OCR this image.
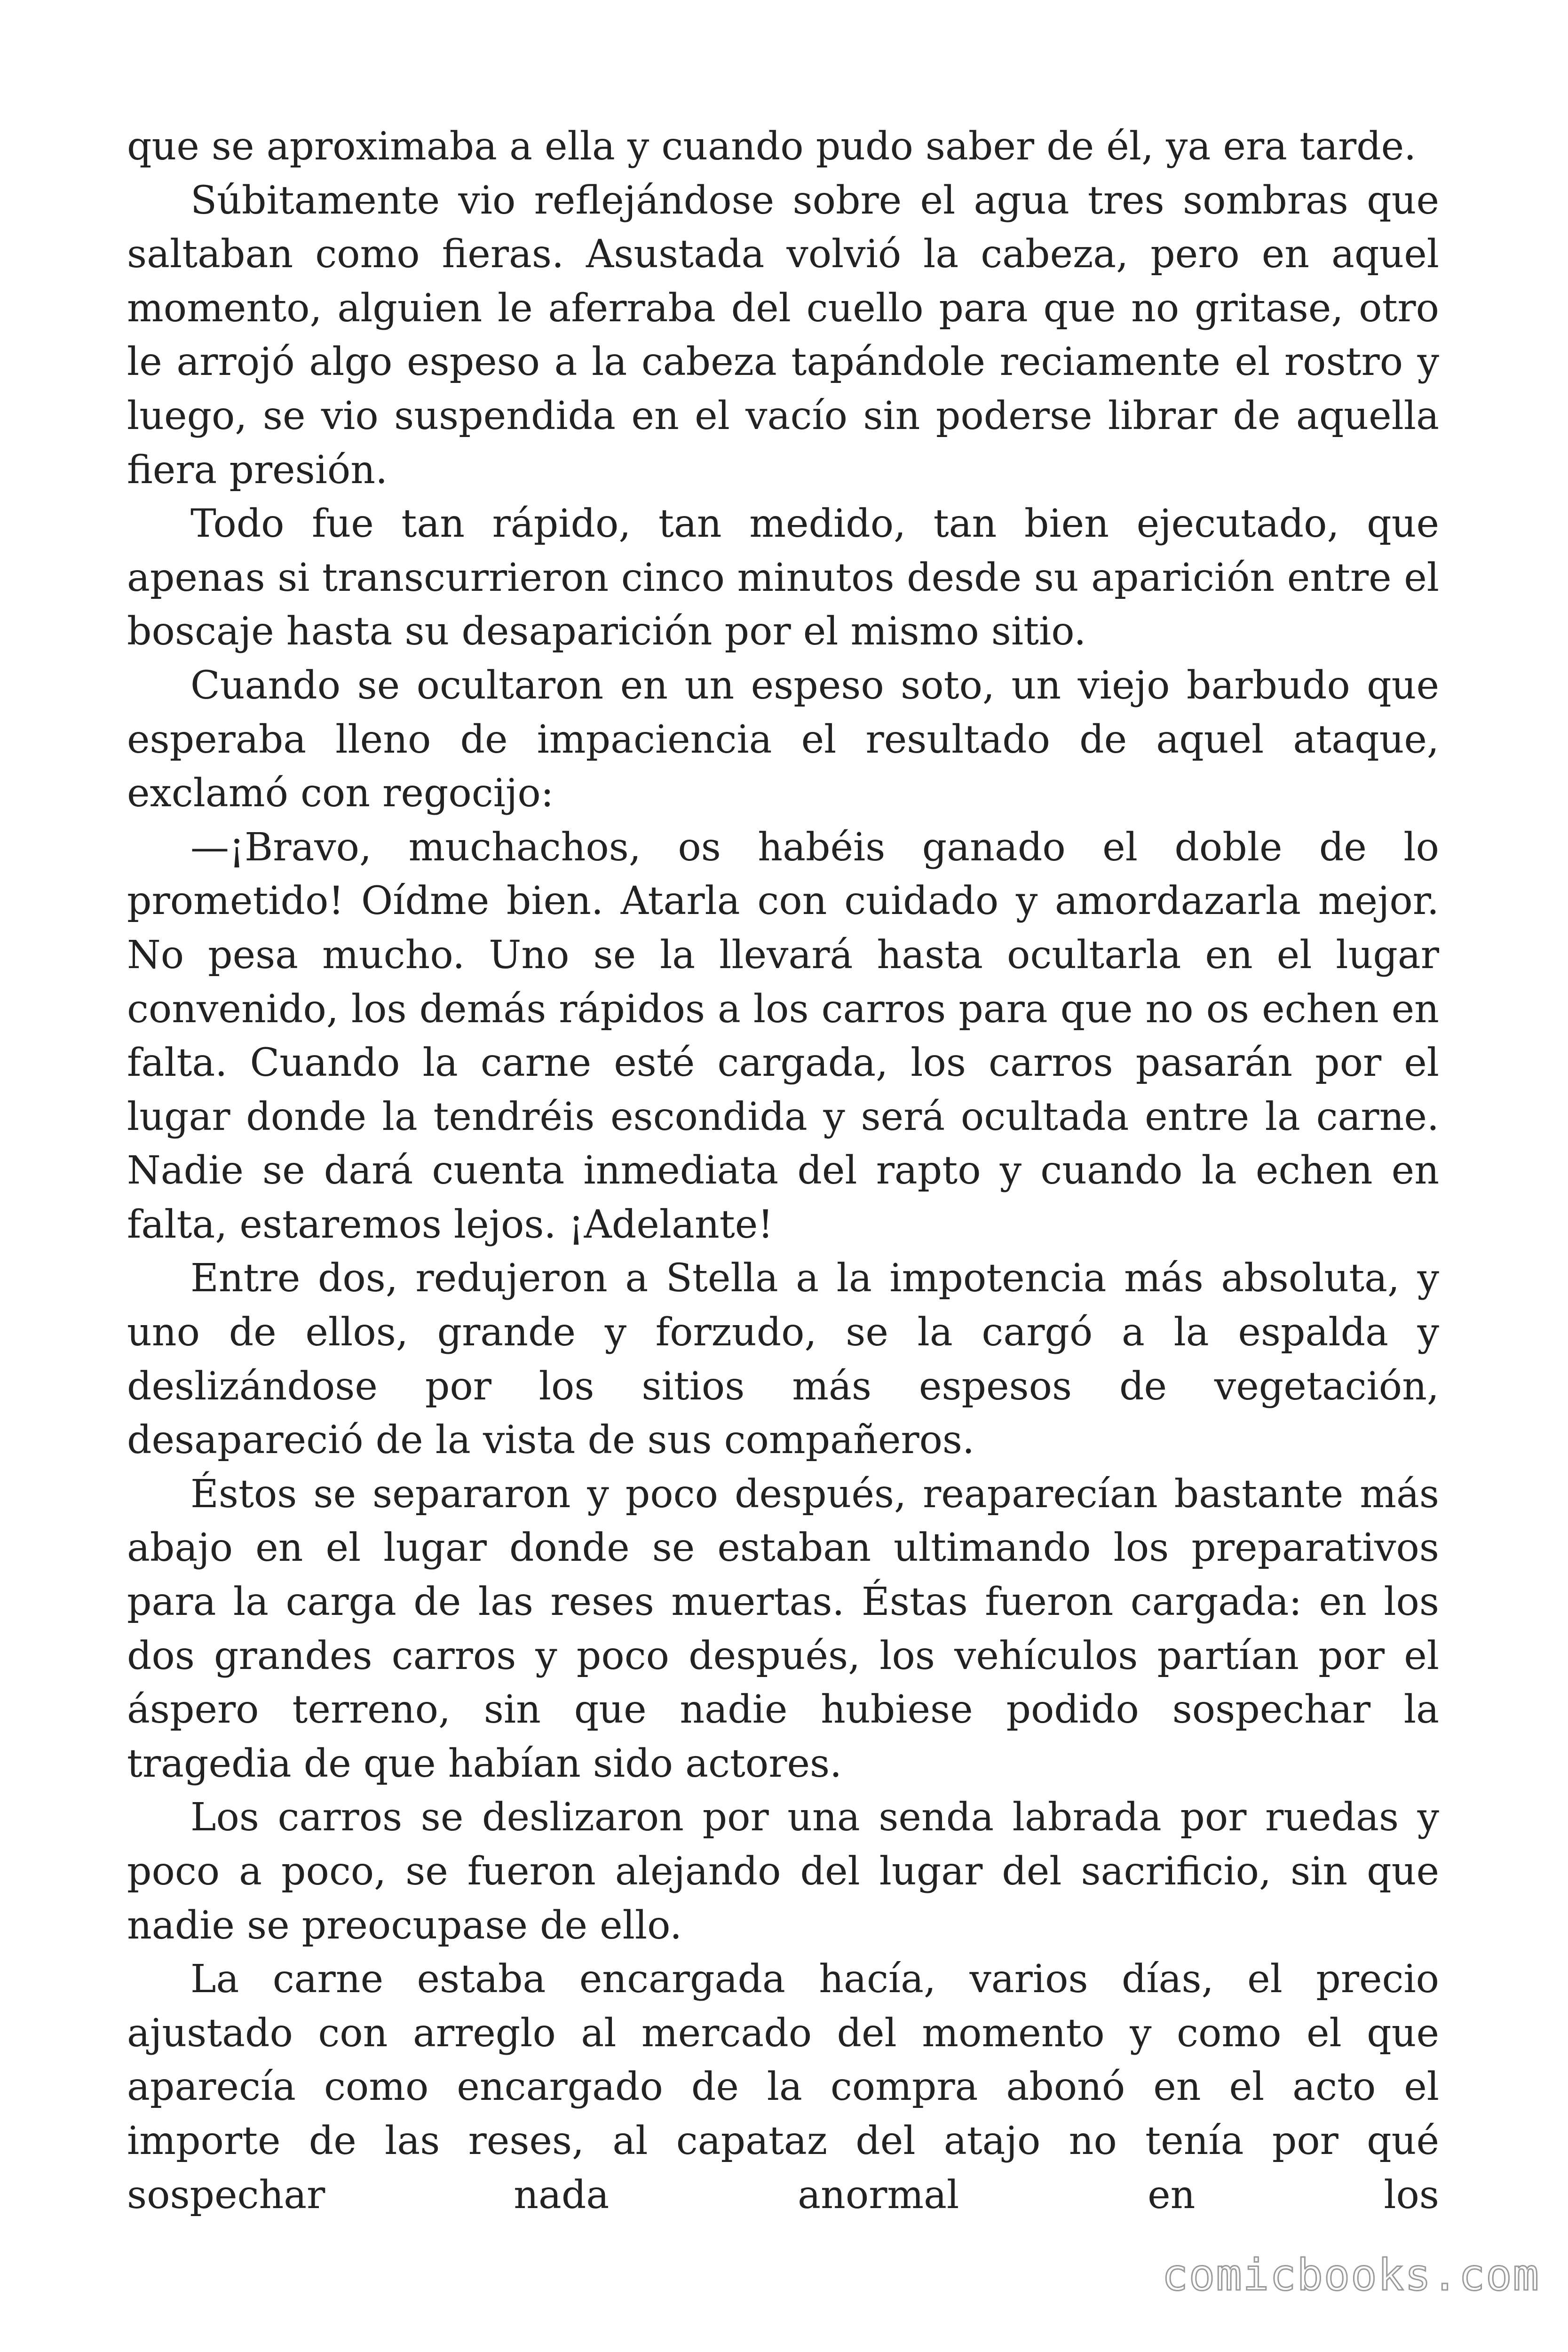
que se aproximaba a ella y cuando pudo saber de él, ya era tarde.

Súbitamente vio reflejándose sobre el agua tres sombras que saltaban como fieras. Asustada volvió la cabeza, pero en aquel momento, alguien le aferraba del cuello para que no gritase, otro le arrojó algo espeso a la cabeza tapándole reciamente el rostro y luego, se vio suspendida en el vacío sin poderse librar de aquella fiera presión.

Todo fue tan rápido, tan medido, tan bien ejecutado, que apenas si transcurrieron cinco minutos desde su aparición entre el boscaje hasta su desaparición por el mismo sitio.

Cuando se ocultaron en un espeso soto, un viejo barbudo que esperaba lleno de impaciencia el resultado de aquel ataque, exclamó con regocijo:

—¡Bravo, muchachos, os habéis ganado el doble de lo prometido! Oídme bien. Atarla con cuidado y amordazarla mejor. No pesa mucho. Uno se la llevará hasta ocultarla en el lugar convenido, los demás rápidos a los carros para que no os echen en falta. Cuando la carne esté cargada, los carros pasarán por el lugar donde la tendréis escondida y será ocultada entre la carne. Nadie se dará cuenta inmediata del rapto y cuando la echen en falta, estaremos lejos. ¡Adelante!

Entre dos, redujeron a Stella a la impotencia más absoluta, y uno de ellos, grande y forzudo, se la cargó a la espalda y deslizándose por los sitios más espesos de vegetación, desapareció de la vista de sus compañeros.

Éstos se separaron y poco después, reaparecían bastante más abajo en el lugar donde se estaban ultimando los preparativos para la carga de las reses muertas. Éstas fueron cargada: en los dos grandes carros y poco después, los vehículos partían por el áspero terreno, sin que nadie hubiese podido sospechar la tragedia de que habían sido actores.

Los carros se deslizaron por una senda labrada por ruedas y poco a poco, se fueron alejando del lugar del sacrificio, sin que nadie se preocupase de ello.

La carne estaba encargada hacía, varios días, el precio ajustado con arreglo al mercado del momento y como el que aparecía como encargado de la compra abonó en el acto el importe de las reses, al capataz del atajo no tenía por qué sospechar nada anormal en los

comicbooks.com
